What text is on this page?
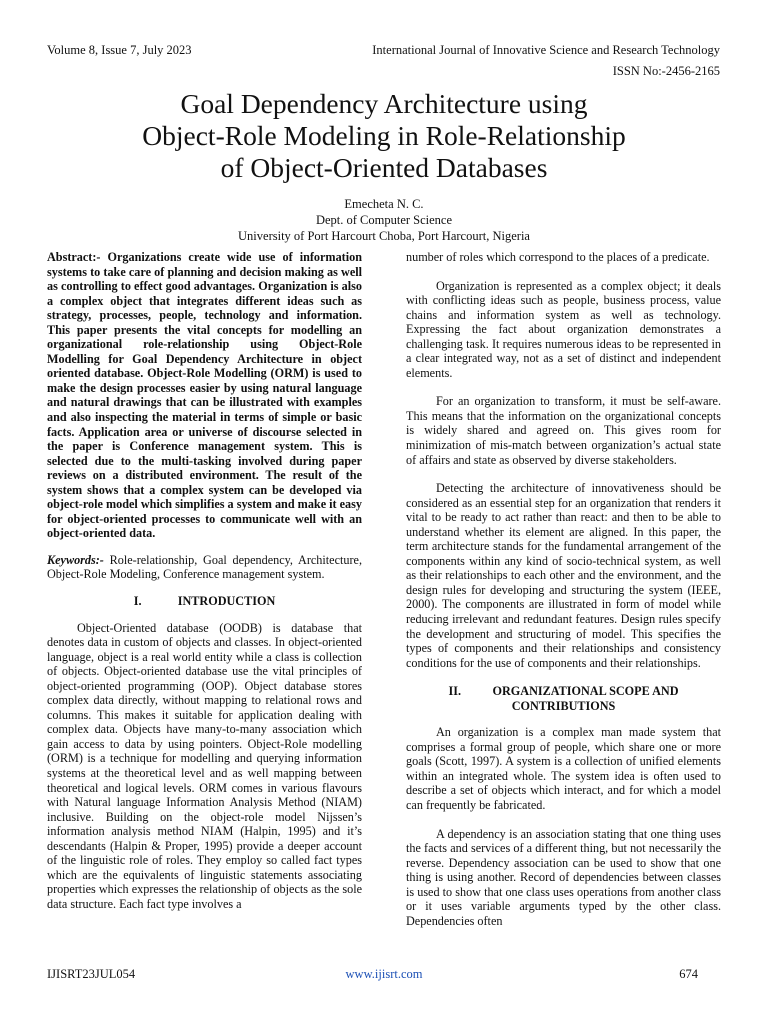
Volume 8, Issue 7, July 2023	International Journal of Innovative Science and Research Technology
ISSN No:-2456-2165
Goal Dependency Architecture using
Object-Role Modeling in Role-Relationship
of Object-Oriented Databases
Emecheta N. C.
Dept. of Computer Science
University of Port Harcourt Choba, Port Harcourt, Nigeria
Abstract:- Organizations create wide use of information systems to take care of planning and decision making as well as controlling to effect good advantages. Organization is also a complex object that integrates different ideas such as strategy, processes, people, technology and information. This paper presents the vital concepts for modelling an organizational role-relationship using Object-Role Modelling for Goal Dependency Architecture in object oriented database. Object-Role Modelling (ORM) is used to make the design processes easier by using natural language and natural drawings that can be illustrated with examples and also inspecting the material in terms of simple or basic facts. Application area or universe of discourse selected in the paper is Conference management system. This is selected due to the multi-tasking involved during paper reviews on a distributed environment. The result of the system shows that a complex system can be developed via object-role model which simplifies a system and make it easy for object-oriented processes to communicate well with an object-oriented data.
Keywords:- Role-relationship, Goal dependency, Architecture, Object-Role Modeling, Conference management system.
I.	INTRODUCTION

Object-Oriented database (OODB) is database that denotes data in custom of objects and classes. In object-oriented language, object is a real world entity while a class is collection of objects. Object-oriented database use the vital principles of object-oriented programming (OOP). Object database stores complex data directly, without mapping to relational rows and columns. This makes it suitable for application dealing with complex data. Objects have many-to-many association which gain access to data by using pointers. Object-Role modelling (ORM) is a technique for modelling and querying information systems at the theoretical level and as well mapping between theoretical and logical levels. ORM comes in various flavours with Natural language Information Analysis Method (NIAM) inclusive. Building on the object-role model Nijssen’s information analysis method NIAM (Halpin, 1995) and it’s descendants (Halpin & Proper, 1995) provide a deeper account of the linguistic role of roles. They employ so called fact types which are the equivalents of linguistic statements associating properties which expresses the relationship of objects as the sole data structure. Each fact type involves a

number of roles which correspond to the places of a predicate.

Organization is represented as a complex object; it deals with conflicting ideas such as people, business process, value chains and information system as well as technology. Expressing the fact about organization demonstrates a challenging task. It requires numerous ideas to be represented in a clear integrated way, not as a set of distinct and independent elements.

For an organization to transform, it must be self-aware. This means that the information on the organizational concepts is widely shared and agreed on. This gives room for minimization of mis-match between organization’s actual state of affairs and state as observed by diverse stakeholders.

Detecting the architecture of innovativeness should be considered as an essential step for an organization that renders it vital to be ready to act rather than react: and then to be able to understand whether its element are aligned. In this paper, the term architecture stands for the fundamental arrangement of the components within any kind of socio-technical system, as well as their relationships to each other and the environment, and the design rules for developing and structuring the system (IEEE, 2000). The components are illustrated in form of model while reducing irrelevant and redundant features. Design rules specify the development and structuring of model. This specifies the types of components and their relationships and consistency conditions for the use of components and their relationships.

II.	ORGANIZATIONAL SCOPE AND CONTRIBUTIONS

An organization is a complex man made system that comprises a formal group of people, which share one or more goals (Scott, 1997). A system is a collection of unified elements within an integrated whole. The system idea is often used to describe a set of objects which interact, and for which a model can frequently be fabricated.

A dependency is an association stating that one thing uses the facts and services of a different thing, but not necessarily the reverse. Dependency association can be used to show that one thing is using another. Record of dependencies between classes is used to show that one class uses operations from another class or it uses variable arguments typed by the other class. Dependencies often

IJISRT23JUL054	www.ijisrt.com	674
